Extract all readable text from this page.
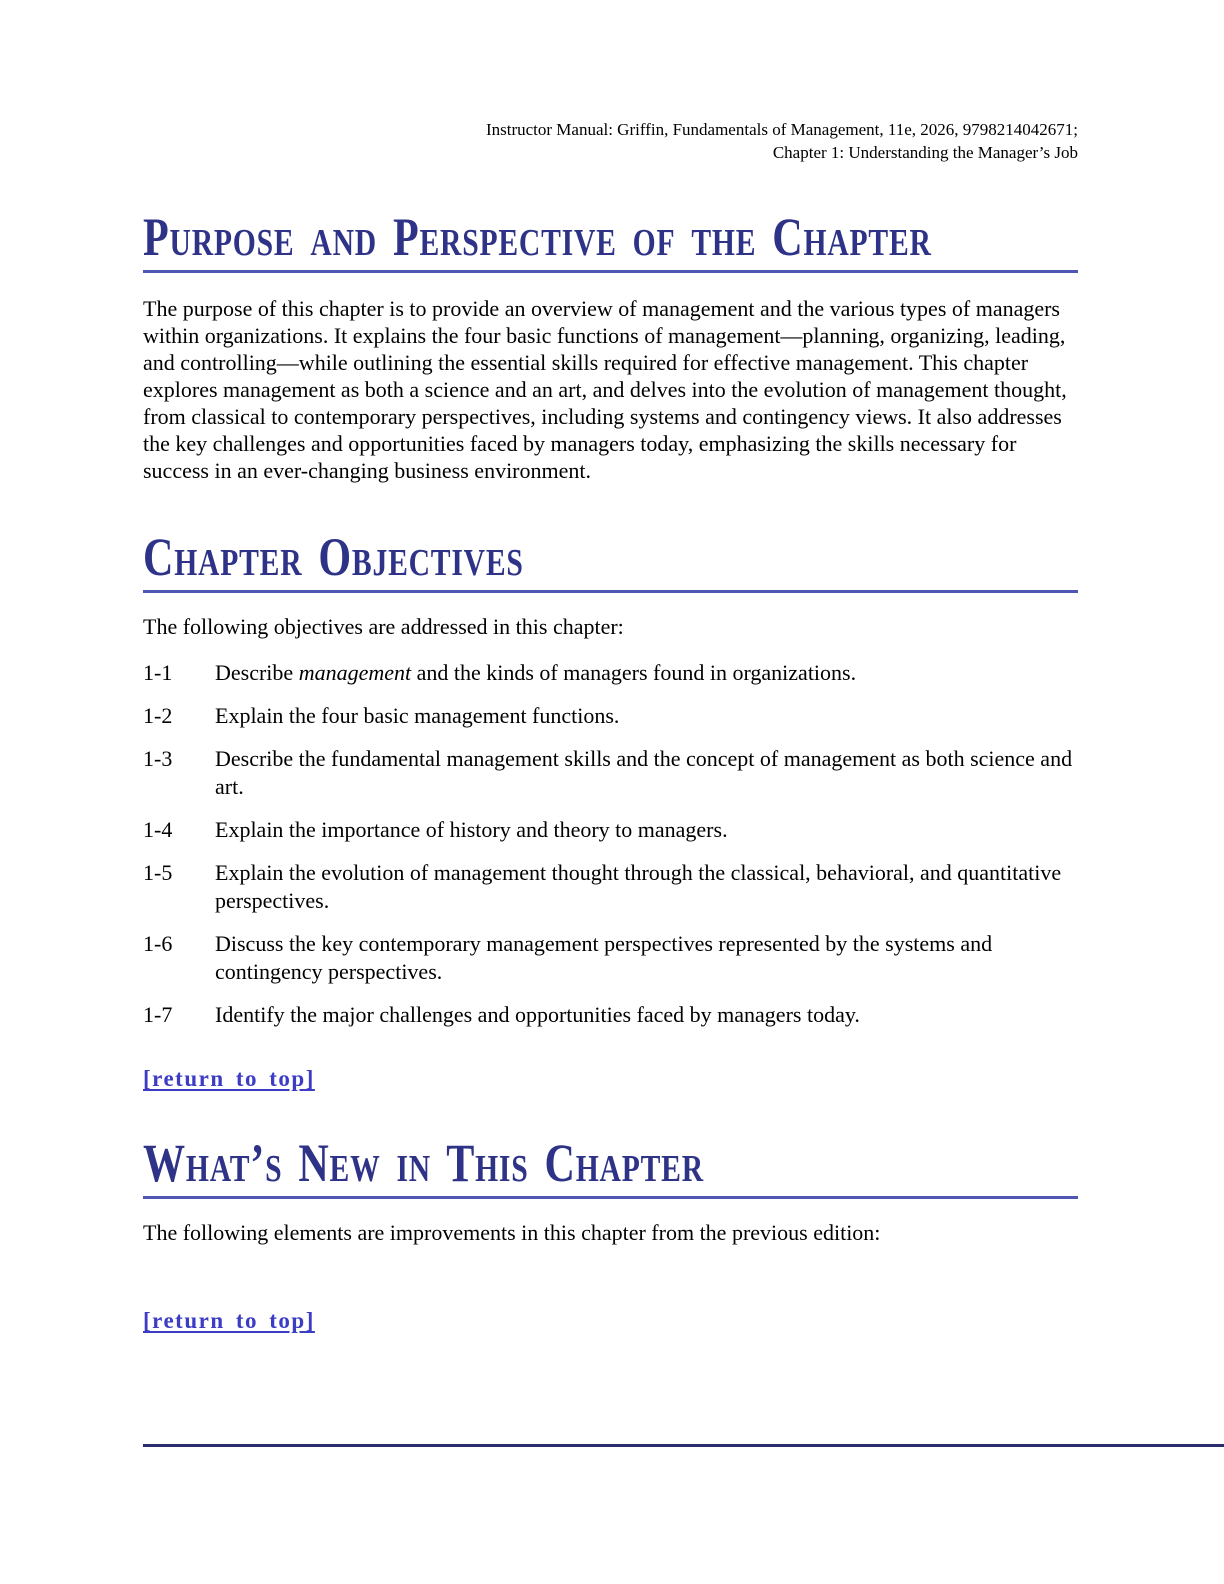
Instructor Manual: Griffin, Fundamentals of Management, 11e, 2026, 9798214042671;
Chapter 1: Understanding the Manager’s Job
Purpose and Perspective of the Chapter

The purpose of this chapter is to provide an overview of management and the various types of managers within organizations. It explains the four basic functions of management—planning, organizing, leading, and controlling—while outlining the essential skills required for effective management. This chapter explores management as both a science and an art, and delves into the evolution of management thought, from classical to contemporary perspectives, including systems and contingency views. It also addresses the key challenges and opportunities faced by managers today, emphasizing the skills necessary for success in an ever-changing business environment.

Chapter Objectives

The following objectives are addressed in this chapter:

1-1	Describe management and the kinds of managers found in organizations.
1-2	Explain the four basic management functions.
1-3	Describe the fundamental management skills and the concept of management as both science and art.
1-4	Explain the importance of history and theory to managers.
1-5	Explain the evolution of management thought through the classical, behavioral, and quantitative perspectives.
1-6	Discuss the key contemporary management perspectives represented by the systems and contingency perspectives.
1-7	Identify the major challenges and opportunities faced by managers today.
[return to top]
What’s New in This Chapter

The following elements are improvements in this chapter from the previous edition:

[return to top]
